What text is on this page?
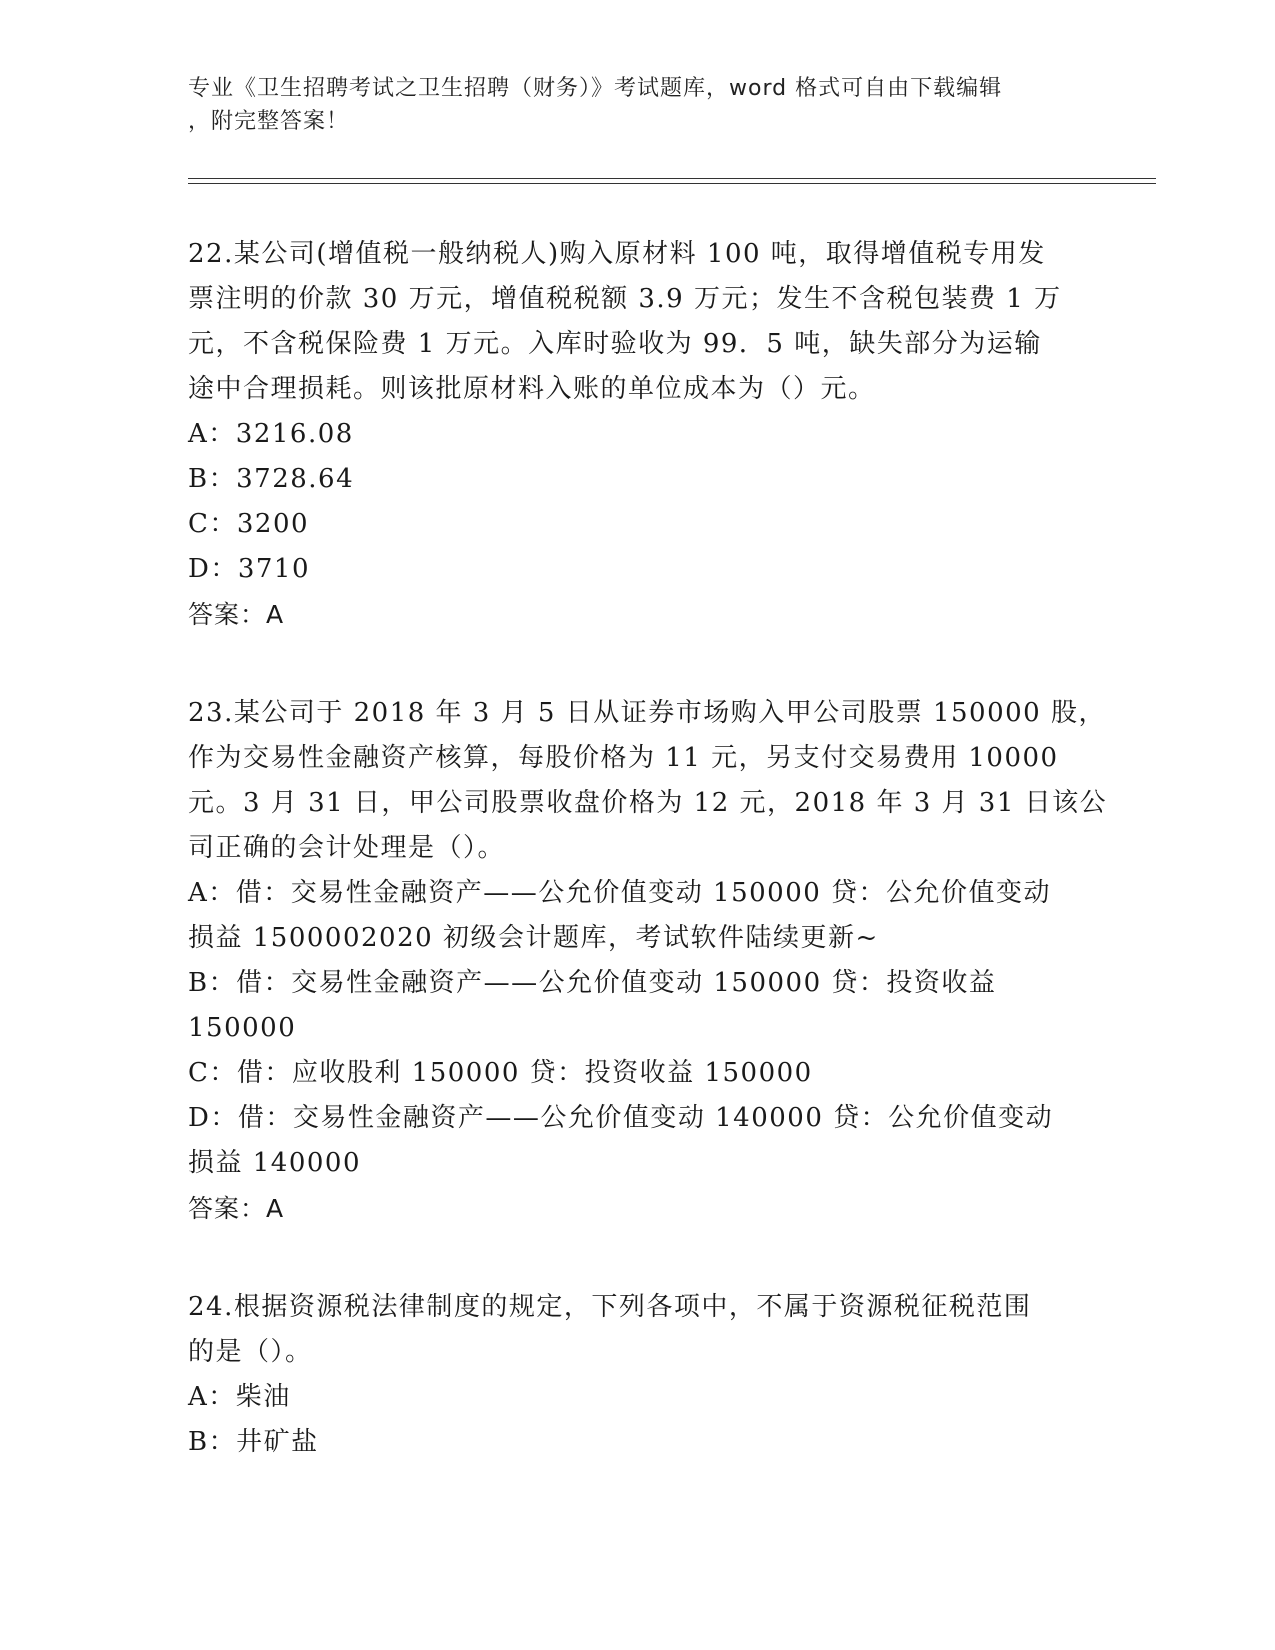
专业《卫生招聘考试之卫生招聘（财务）》考试题库，word 格式可自由下载编辑
，附完整答案！

22.某公司(增值税一般纳税人)购入原材料 100 吨，取得增值税专用发
票注明的价款 30 万元，增值税税额 3.9 万元；发生不含税包装费 1 万
元，不含税保险费 1 万元。入库时验收为 99．5 吨，缺失部分为运输
途中合理损耗。则该批原材料入账的单位成本为（）元。

A：3216.08
B：3728.64
C：3200
D：3710
答案：A

23.某公司于 2018 年 3 月 5 日从证券市场购入甲公司股票 150000 股，
作为交易性金融资产核算，每股价格为 11 元，另支付交易费用 10000
元。3 月 31 日，甲公司股票收盘价格为 12 元，2018 年 3 月 31 日该公
司正确的会计处理是（）。

A：借：交易性金融资产——公允价值变动 150000 贷：公允价值变动
损益 1500002020 初级会计题库，考试软件陆续更新~
B：借：交易性金融资产——公允价值变动 150000 贷：投资收益
150000
C：借：应收股利 150000 贷：投资收益 150000
D：借：交易性金融资产——公允价值变动 140000 贷：公允价值变动
损益 140000
答案：A

24.根据资源税法律制度的规定，下列各项中，不属于资源税征税范围
的是（）。

A：柴油
B：井矿盐
